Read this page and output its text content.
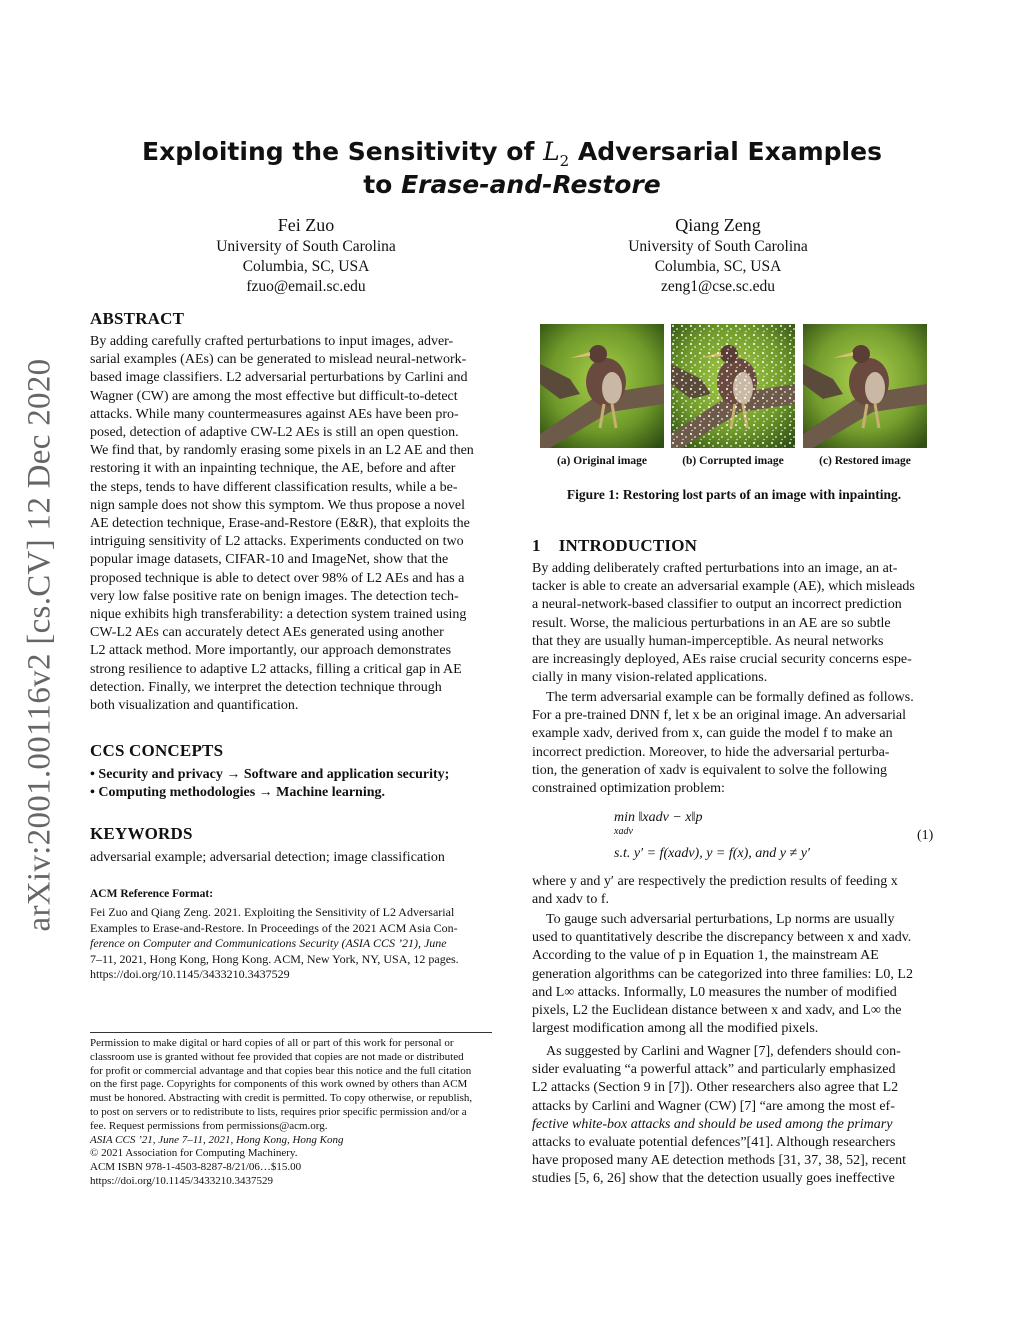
arXiv:2001.00116v2 [cs.CV] 12 Dec 2020
Exploiting the Sensitivity of $L_2$ Adversarial Examples
to Erase-and-Restore
Fei Zuo
University of South Carolina
Columbia, SC, USA
fzuo@email.sc.edu
Qiang Zeng
University of South Carolina
Columbia, SC, USA
zeng1@cse.sc.edu
ABSTRACT
By adding carefully crafted perturbations to input images, adver-
sarial examples (AEs) can be generated to mislead neural-network-
based image classifiers. L2 adversarial perturbations by Carlini and
Wagner (CW) are among the most effective but difficult-to-detect
attacks. While many countermeasures against AEs have been pro-
posed, detection of adaptive CW-L2 AEs is still an open question.
We find that, by randomly erasing some pixels in an L2 AE and then
restoring it with an inpainting technique, the AE, before and after
the steps, tends to have different classification results, while a be-
nign sample does not show this symptom. We thus propose a novel
AE detection technique, Erase-and-Restore (E&R), that exploits the
intriguing sensitivity of L2 attacks. Experiments conducted on two
popular image datasets, CIFAR-10 and ImageNet, show that the
proposed technique is able to detect over 98% of L2 AEs and has a
very low false positive rate on benign images. The detection tech-
nique exhibits high transferability: a detection system trained using
CW-L2 AEs can accurately detect AEs generated using another
L2 attack method. More importantly, our approach demonstrates
strong resilience to adaptive L2 attacks, filling a critical gap in AE
detection. Finally, we interpret the detection technique through
both visualization and quantification.
CCS CONCEPTS
• Security and privacy → Software and application security;
• Computing methodologies → Machine learning.
KEYWORDS
adversarial example; adversarial detection; image classification
ACM Reference Format:
Fei Zuo and Qiang Zeng. 2021. Exploiting the Sensitivity of L2 Adversarial
Examples to Erase-and-Restore. In Proceedings of the 2021 ACM Asia Con-
ference on Computer and Communications Security (ASIA CCS ’21), June
7–11, 2021, Hong Kong, Hong Kong. ACM, New York, NY, USA, 12 pages.
https://doi.org/10.1145/3433210.3437529
Permission to make digital or hard copies of all or part of this work for personal or
classroom use is granted without fee provided that copies are not made or distributed
for profit or commercial advantage and that copies bear this notice and the full citation
on the first page. Copyrights for components of this work owned by others than ACM
must be honored. Abstracting with credit is permitted. To copy otherwise, or republish,
to post on servers or to redistribute to lists, requires prior specific permission and/or a
fee. Request permissions from permissions@acm.org.
ASIA CCS ’21, June 7–11, 2021, Hong Kong, Hong Kong
© 2021 Association for Computing Machinery.
ACM ISBN 978-1-4503-8287-8/21/06…$15.00
https://doi.org/10.1145/3433210.3437529
(a) Original image	(b) Corrupted image	(c) Restored image
Figure 1: Restoring lost parts of an image with inpainting.
1 INTRODUCTION
By adding deliberately crafted perturbations into an image, an at-
tacker is able to create an adversarial example (AE), which misleads
a neural-network-based classifier to output an incorrect prediction
result. Worse, the malicious perturbations in an AE are so subtle
that they are usually human-imperceptible. As neural networks
are increasingly deployed, AEs raise crucial security concerns espe-
cially in many vision-related applications.
The term adversarial example can be formally defined as follows.
For a pre-trained DNN f, let x be an original image. An adversarial
example xadv, derived from x, can guide the model f to make an
incorrect prediction. Moreover, to hide the adversarial perturba-
tion, the generation of xadv is equivalent to solve the following
constrained optimization problem:
min ‖xadv − x‖p
xadv
s.t. y′ = f(xadv), y = f(x), and y ≠ y′
(1)
where y and y′ are respectively the prediction results of feeding x
and xadv to f.
To gauge such adversarial perturbations, Lp norms are usually
used to quantitatively describe the discrepancy between x and xadv.
According to the value of p in Equation 1, the mainstream AE
generation algorithms can be categorized into three families: L0, L2
and L∞ attacks. Informally, L0 measures the number of modified
pixels, L2 the Euclidean distance between x and xadv, and L∞ the
largest modification among all the modified pixels.
As suggested by Carlini and Wagner [7], defenders should con-
sider evaluating “a powerful attack” and particularly emphasized
L2 attacks (Section 9 in [7]). Other researchers also agree that L2
attacks by Carlini and Wagner (CW) [7] “are among the most ef-
fective white-box attacks and should be used among the primary
attacks to evaluate potential defences”[41]. Although researchers
have proposed many AE detection methods [31, 37, 38, 52], recent
studies [5, 6, 26] show that the detection usually goes ineffective
